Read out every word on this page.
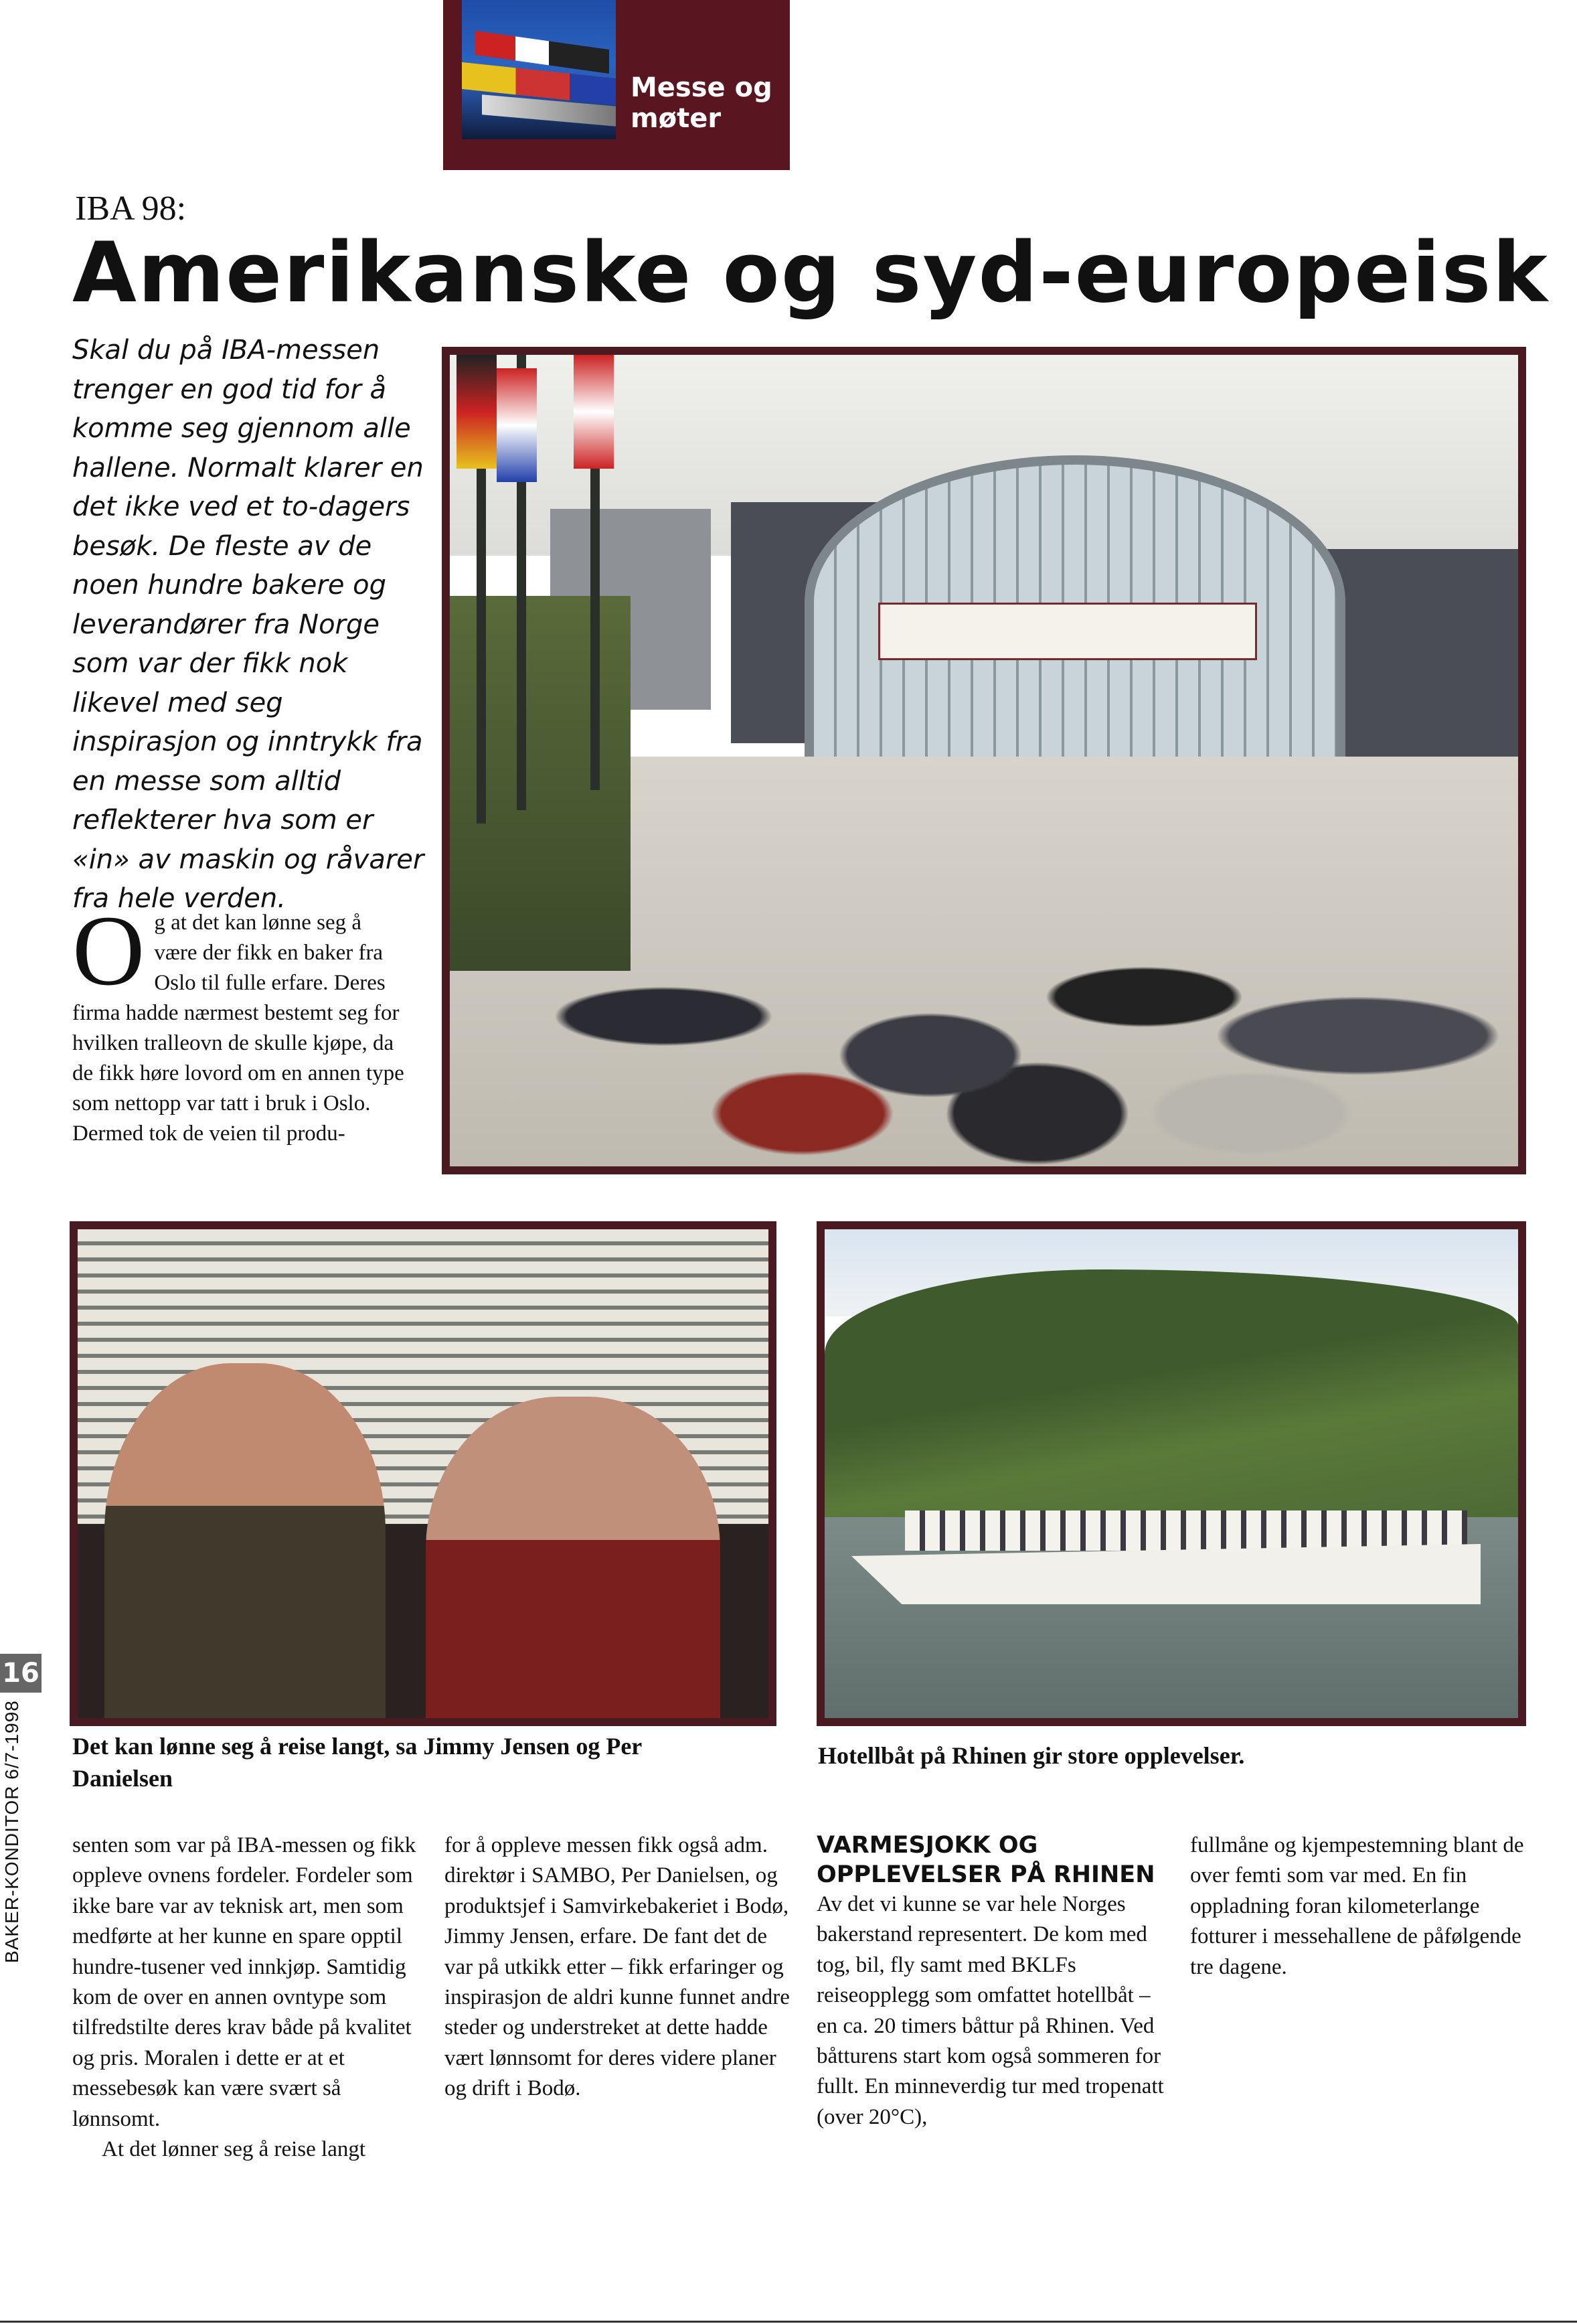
Messe og
møter
IBA 98:
Amerikanske og syd-europeisk
Skal du på IBA-messen trenger en god tid for å komme seg gjennom alle hallene. Normalt klarer en det ikke ved et to-dagers besøk. De fleste av de noen hundre bakere og leverandører fra Norge som var der fikk nok likevel med seg inspirasjon og inntrykk fra en messe som alltid reflekterer hva som er «in» av maskin og råvarer fra hele verden.
Og at det kan lønne seg å være der fikk en baker fra Oslo til fulle erfare. Deres firma hadde nærmest bestemt seg for hvilken tralleovn de skulle kjøpe, da de fikk høre lovord om en annen type som nettopp var tatt i bruk i Oslo. Dermed tok de veien til produ-
Det kan lønne seg å reise langt, sa Jimmy Jensen og Per Danielsen
Hotellbåt på Rhinen gir store opplevelser.
senten som var på IBA-messen og fikk oppleve ovnens fordeler. Fordeler som ikke bare var av teknisk art, men som medførte at her kunne en spare opptil hundre-tusener ved innkjøp. Samtidig kom de over en annen ovntype som tilfredstilte deres krav både på kvalitet og pris. Moralen i dette er at et messebesøk kan være svært så lønnsomt.
At det lønner seg å reise langt
for å oppleve messen fikk også adm. direktør i SAMBO, Per Danielsen, og produktsjef i Samvirkebakeriet i Bodø, Jimmy Jensen, erfare. De fant det de var på utkikk etter – fikk erfaringer og inspirasjon de aldri kunne funnet andre steder og understreket at dette hadde vært lønnsomt for deres videre planer og drift i Bodø.
VARMESJOKK OG OPPLEVELSER PÅ RHINEN
Av det vi kunne se var hele Norges bakerstand representert. De kom med tog, bil, fly samt med BKLFs reiseopplegg som omfattet hotellbåt – en ca. 20 timers båttur på Rhinen. Ved båtturens start kom også sommeren for fullt. En minneverdig tur med tropenatt (over 20°C),
fullmåne og kjempestemning blant de over femti som var med. En fin oppladning foran kilometerlange fotturer i messehallene de påfølgende tre dagene.
16
BAKER-KONDITOR 6/7-1998
